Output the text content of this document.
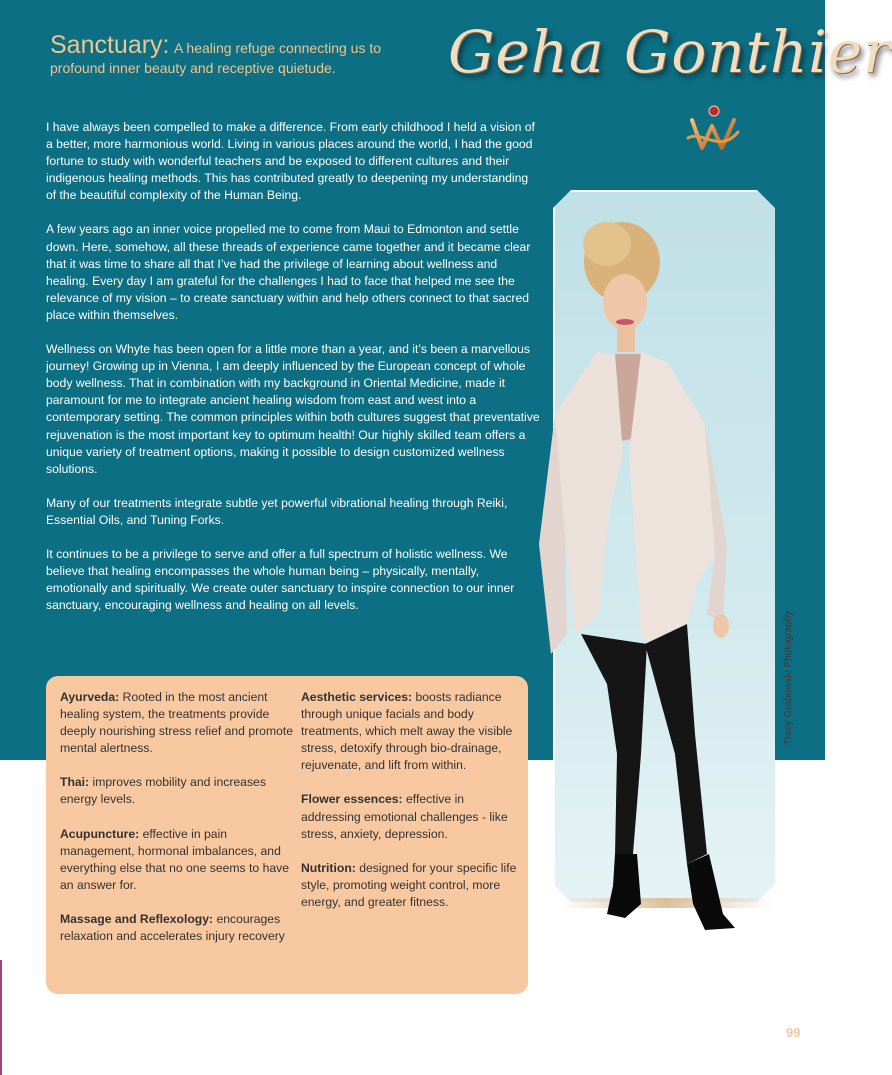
Sanctuary: A healing refuge connecting us to
profound inner beauty and receptive quietude.	Geha Gonthier

I have always been compelled to make a difference. From early childhood I held a vision of a better, more harmonious world. Living in various places around the world, I had the good fortune to study with wonderful teachers and be exposed to different cultures and their indigenous healing methods. This has contributed greatly to deepening my understanding of the beautiful complexity of the Human Being.

A few years ago an inner voice propelled me to come from Maui to Edmonton and settle down. Here, somehow, all these threads of experience came together and it became clear that it was time to share all that I’ve had the privilege of learning about wellness and healing. Every day I am grateful for the challenges I had to face that helped me see the relevance of my vision – to create sanctuary within and help others connect to that sacred place within themselves.

Wellness on Whyte has been open for a little more than a year, and it’s been a marvellous journey! Growing up in Vienna, I am deeply influenced by the European concept of whole body wellness. That in combination with my background in Oriental Medicine, made it paramount for me to integrate ancient healing wisdom from east and west into a contemporary setting. The common principles within both cultures suggest that preventative rejuvenation is the most important key to optimum health! Our highly skilled team offers a unique variety of treatment options, making it possible to design customized wellness solutions.

Many of our treatments integrate subtle yet powerful vibrational healing through Reiki, Essential Oils, and Tuning Forks.

It continues to be a privilege to serve and offer a full spectrum of holistic wellness. We believe that healing encompasses the whole human being – physically, mentally, emotionally and spiritually. We create outer sanctuary to inspire connection to our inner sanctuary, encouraging wellness and healing on all levels.

Tracy Grabowski Photography
Ayurveda: Rooted in the most ancient healing system, the treatments provide deeply nourishing stress relief and promote mental alertness.
Thai: improves mobility and increases energy levels.
Acupuncture: effective in pain management, hormonal imbalances, and everything else that no one seems to have an answer for.
Massage and Reflexology: encourages relaxation and accelerates injury recovery
Aesthetic services: boosts radiance through unique facials and body treatments, which melt away the visible stress, detoxify through bio-drainage, rejuvenate, and lift from within.
Flower essences: effective in addressing emotional challenges - like stress, anxiety, depression.
Nutrition: designed for your specific life style, promoting weight control, more energy, and greater fitness.
99
